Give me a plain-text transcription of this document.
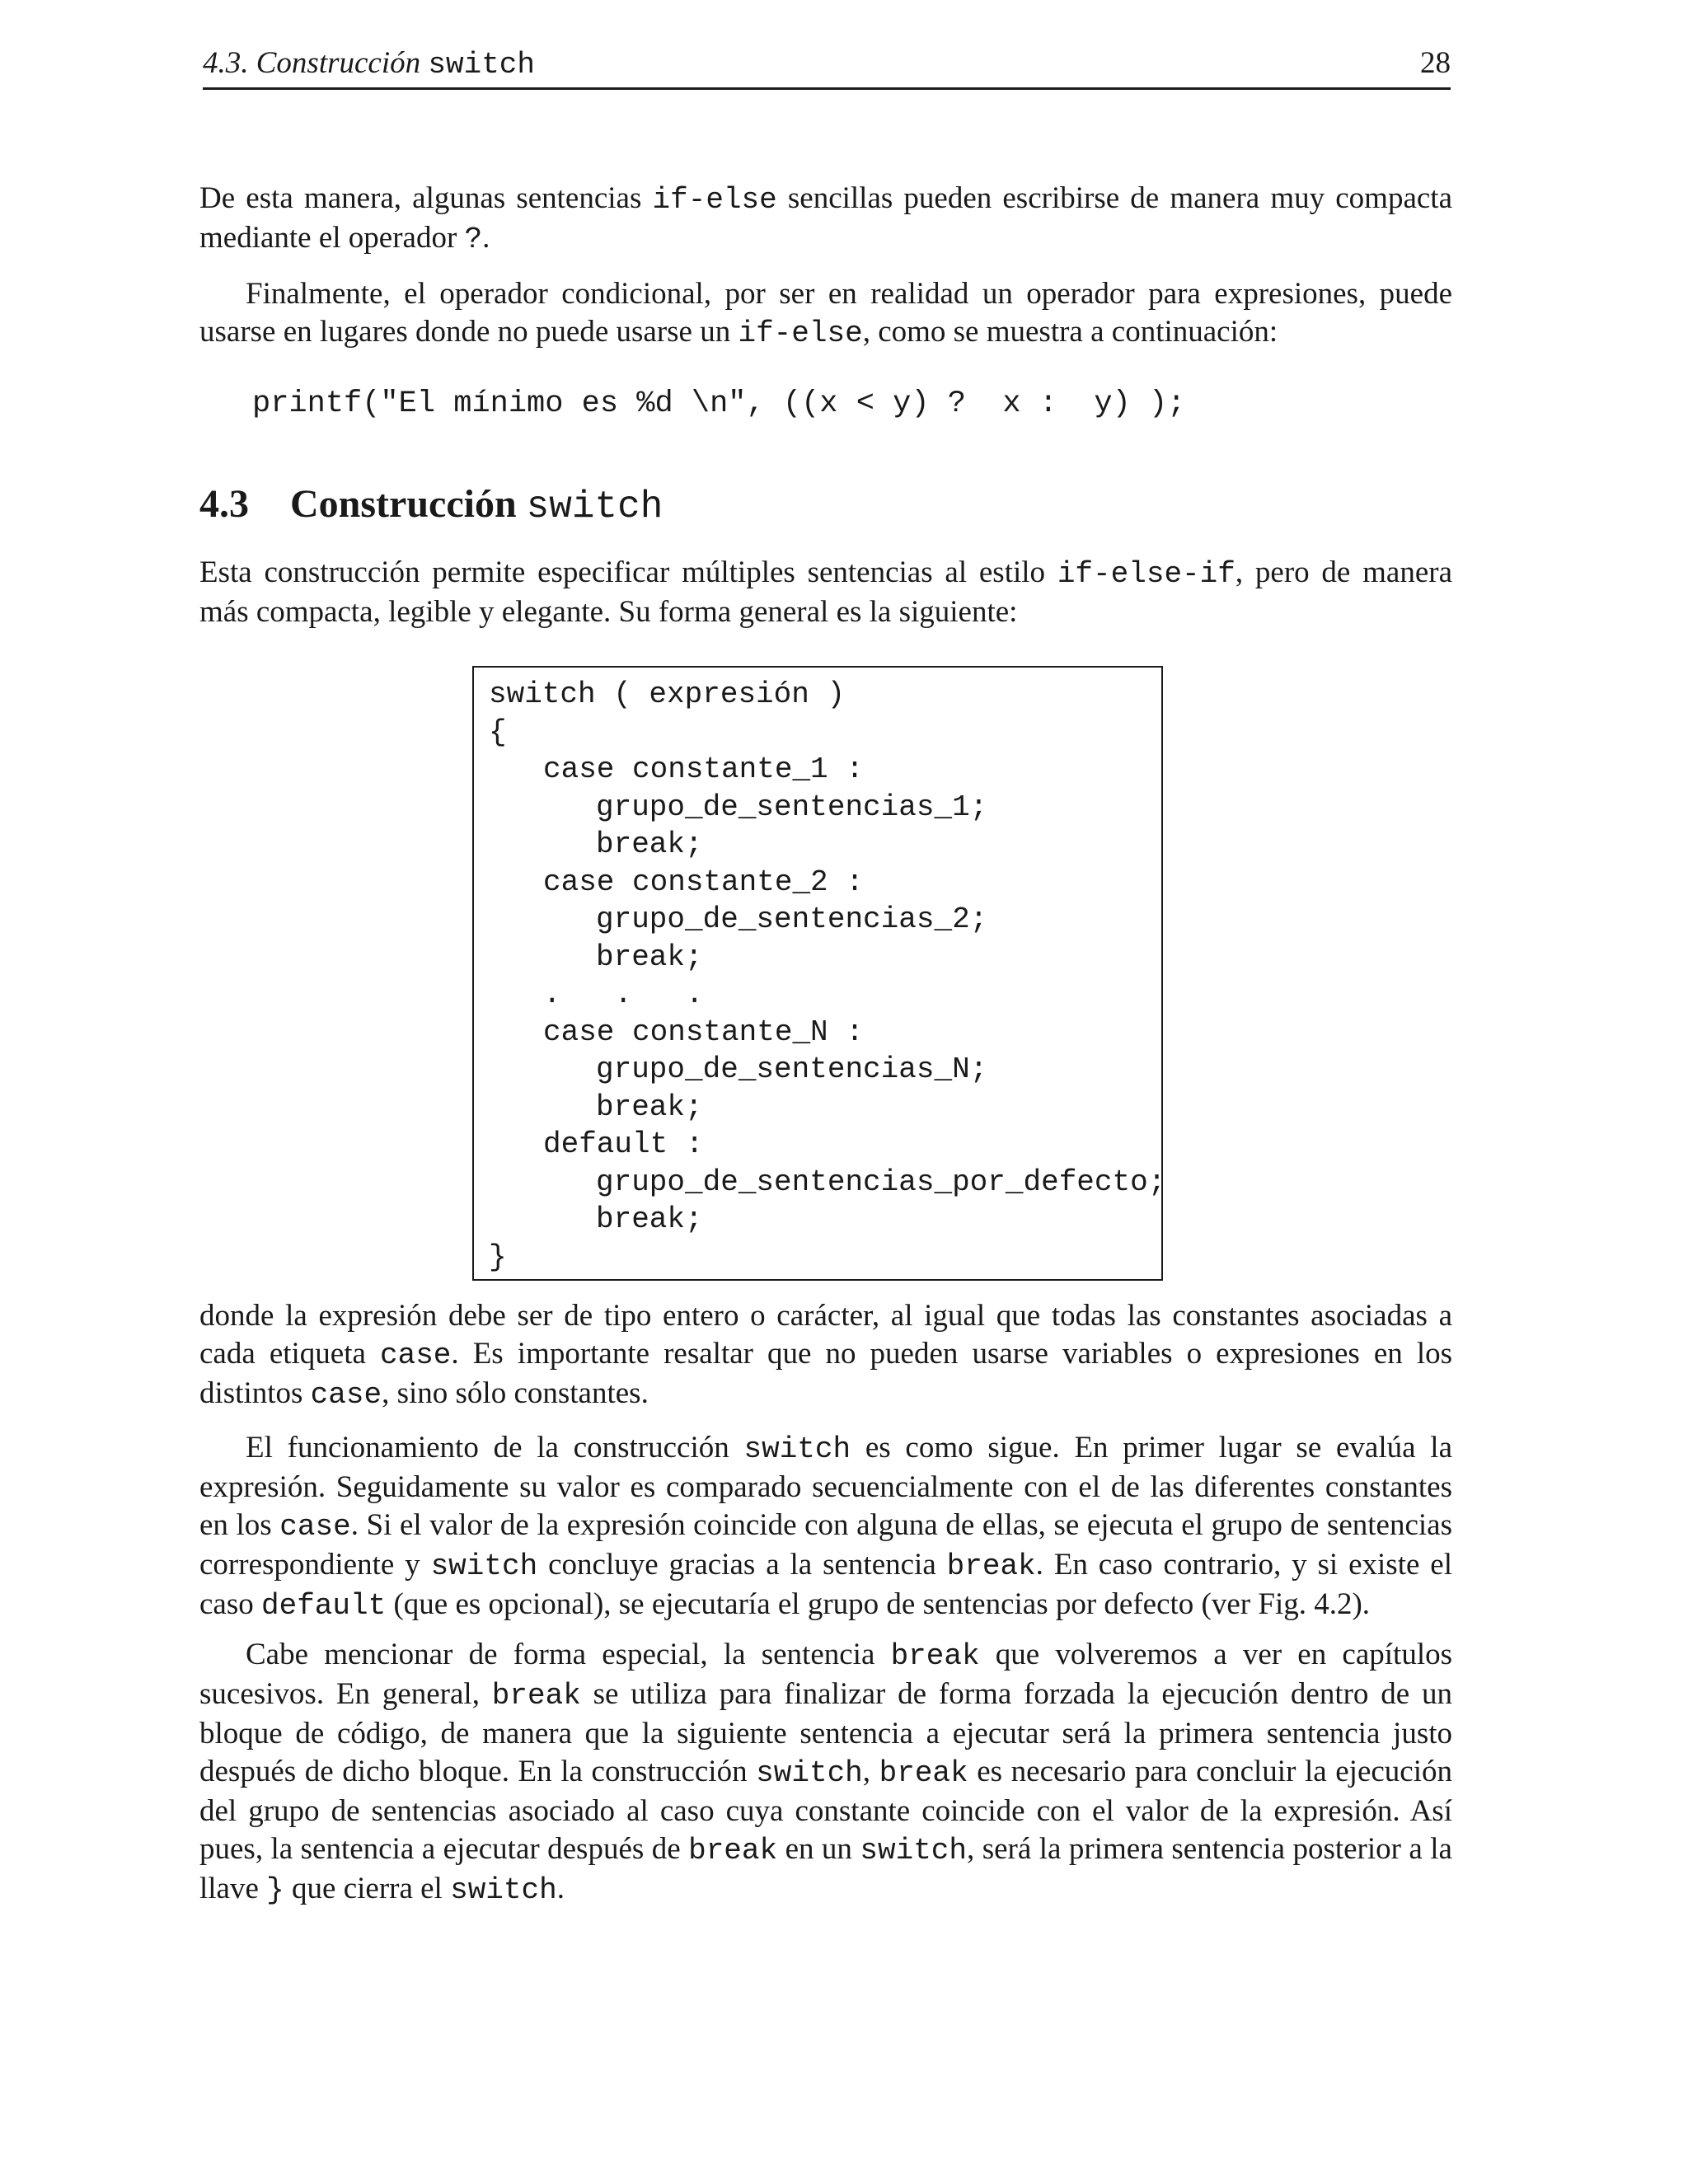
4.3. Construcción switch	28

De esta manera, algunas sentencias if-else sencillas pueden escribirse de manera muy compacta mediante el operador ?.

Finalmente, el operador condicional, por ser en realidad un operador para expresiones, puede usarse en lugares donde no puede usarse un if-else, como se muestra a continuación:

printf("El mínimo es %d \n", ((x < y) ?  x :  y) );
4.3 Construcción switch

Esta construcción permite especificar múltiples sentencias al estilo if-else-if, pero de manera más compacta, legible y elegante. Su forma general es la siguiente:

switch ( expresión )
{
case constante_1 :
grupo_de_sentencias_1;
break;
case constante_2 :
grupo_de_sentencias_2;
break;
.   .   .
case constante_N :
grupo_de_sentencias_N;
break;
default :
grupo_de_sentencias_por_defecto;
break;
}

donde la expresión debe ser de tipo entero o carácter, al igual que todas las constantes asociadas a cada etiqueta case. Es importante resaltar que no pueden usarse variables o expresiones en los distintos case, sino sólo constantes.

El funcionamiento de la construcción switch es como sigue. En primer lugar se evalúa la expresión. Seguidamente su valor es comparado secuencialmente con el de las diferentes constantes en los case. Si el valor de la expresión coincide con alguna de ellas, se ejecuta el grupo de sentencias correspondiente y switch concluye gracias a la sentencia break. En caso contrario, y si existe el caso default (que es opcional), se ejecutaría el grupo de sentencias por defecto (ver Fig. 4.2).

Cabe mencionar de forma especial, la sentencia break que volveremos a ver en capítulos sucesivos. En general, break se utiliza para finalizar de forma forzada la ejecución dentro de un bloque de código, de manera que la siguiente sentencia a ejecutar será la primera sentencia justo después de dicho bloque. En la construcción switch, break es necesario para concluir la ejecución del grupo de sentencias asociado al caso cuya constante coincide con el valor de la expresión. Así pues, la sentencia a ejecutar después de break en un switch, será la primera sentencia posterior a la llave } que cierra el switch.
